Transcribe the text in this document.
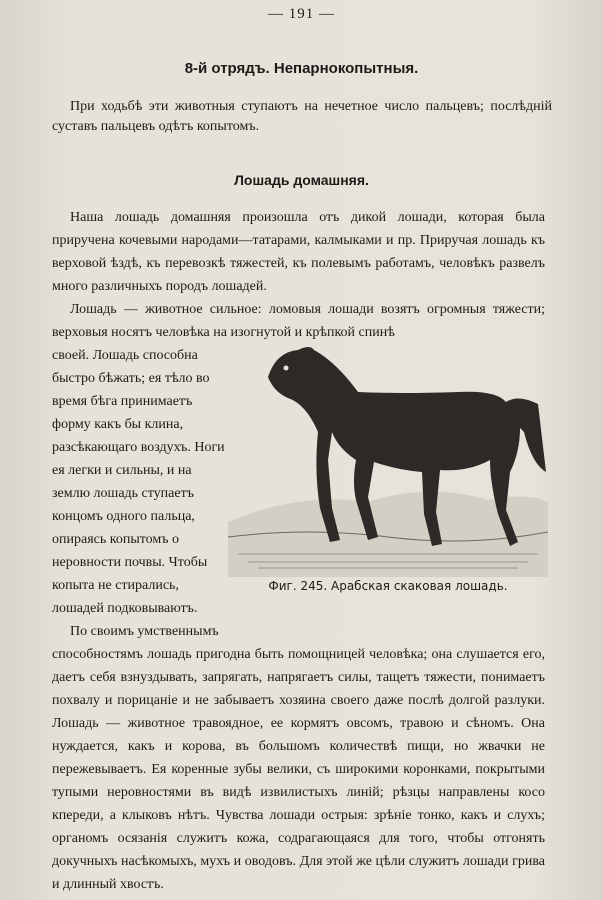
— 191 —
8-й отрядъ. Непарнокопытныя.

При ходьбѣ эти животныя ступаютъ на нечетное число пальцевъ; послѣднiй суставъ пальцевъ одѣтъ копытомъ.

Лошадь домашняя.

Наша лошадь домашняя произошла отъ дикой лошади, которая была приручена кочевыми народами—татарами, калмыками и пр. Приручая лошадь къ верховой ѣздѣ, къ перевозкѣ тяжестей, къ полевымъ работамъ, человѣкъ развелъ много различныхъ породъ лошадей.

Лошадь — животное сильное: ломовыя лошади возятъ огромныя тяжести; верховыя носятъ человѣка на изогнутой и крѣпкой спинѣ

своей. Лошадь способна быстро бѣжать; ея тѣло во время бѣга принимаетъ форму какъ бы клина, разсѣкающаго воздухъ. Ноги ея легки и сильны, и на землю лошадь ступаетъ концомъ одного пальца, опираясь копытомъ о неровности почвы. Чтобы копыта не стирались, лошадей подковываютъ.

По своимъ умственнымъ

способностямъ лошадь пригодна быть помощницей человѣка; она слушается его, даетъ себя взнуздывать, запрягать, напрягаетъ силы, тащетъ тяжести, понимаетъ похвалу и порицанiе и не забываетъ хозяина своего даже послѣ долгой разлуки. Лошадь — животное травоядное, ее кормятъ овсомъ, травою и сѣномъ. Она нуждается, какъ и корова, въ большомъ количествѣ пищи, но жвачки не пережевываетъ. Ея коренные зубы велики, съ широкими коронками, покрытыми тупыми неровностями въ видѣ извилистыхъ линiй; рѣзцы направлены косо кпереди, а клыковъ нѣтъ. Чувства лошади острыя: зрѣнiе тонко, какъ и слухъ; органомъ осязанiя служитъ кожа, содрагающаяся для того, чтобы отгонять докучныхъ насѣкомыхъ, мухъ и оводовъ. Для этой же цѣли служитъ лошади грива и длинный хвостъ.

Фиг. 245. Арабская скаковая лошадь.
